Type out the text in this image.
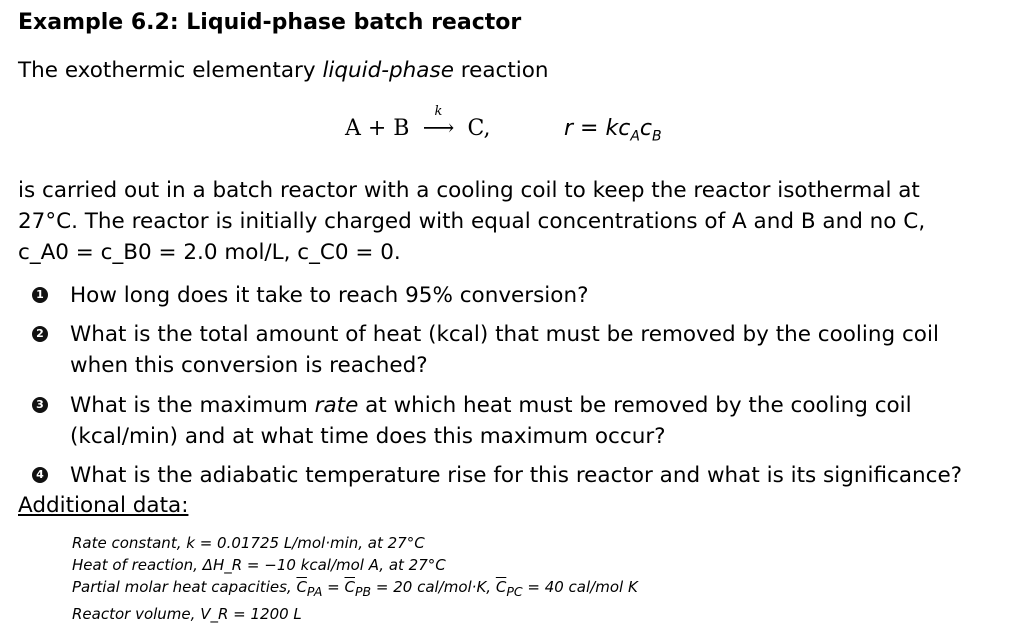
Example 6.2: Liquid-phase batch reactor
The exothermic elementary liquid-phase reaction
A + B
k
⟶ C,	$r = kc_Ac_B$
is carried out in a batch reactor with a cooling coil to keep the reactor isothermal at
27°C. The reactor is initially charged with equal concentrations of A and B and no C,
c_A0 = c_B0 = 2.0 mol/L, c_C0 = 0.
1 How long does it take to reach 95% conversion?
2 What is the total amount of heat (kcal) that must be removed by the cooling coil when this conversion is reached?
3 What is the maximum rate at which heat must be removed by the cooling coil (kcal/min) and at what time does this maximum occur?
4 What is the adiabatic temperature rise for this reactor and what is its significance?
Additional data:
Rate constant, k = 0.01725 L/mol·min, at 27°C
Heat of reaction, ΔH_R = −10 kcal/mol A, at 27°C
Partial molar heat capacities, $\overline{C}_{PA} = \overline{C}_{PB} = 20$ cal/mol·K, $\overline{C}_{PC} = 40$ cal/mol K
Reactor volume, V_R = 1200 L
